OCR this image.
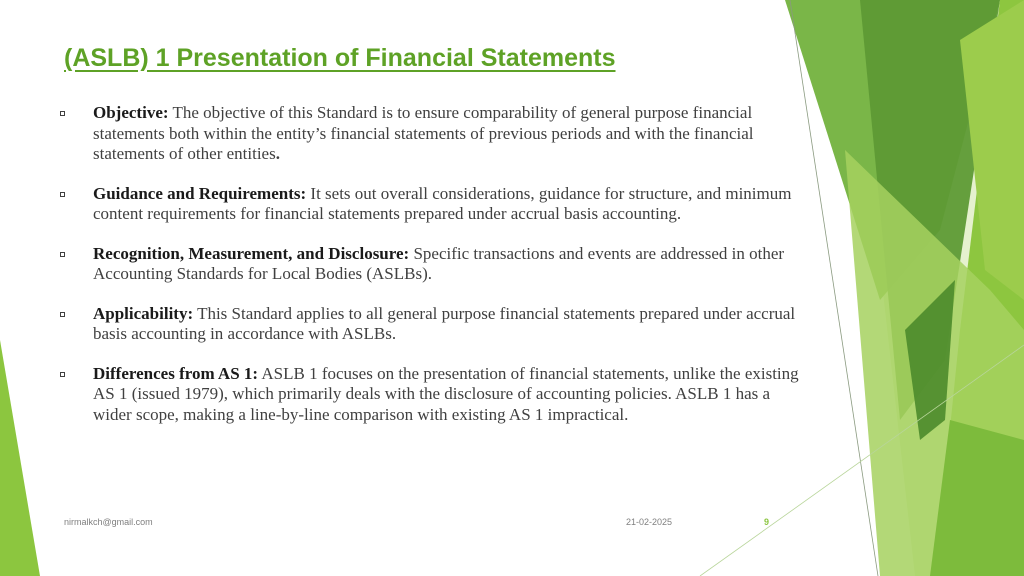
(ASLB) 1 Presentation of Financial Statements
Objective: The objective of this Standard is to ensure comparability of general purpose financial statements both within the entity’s financial statements of previous periods and with the financial statements of other entities.
Guidance and Requirements: It sets out overall considerations, guidance for structure, and minimum content requirements for financial statements prepared under accrual basis accounting.
Recognition, Measurement, and Disclosure: Specific transactions and events are addressed in other Accounting Standards for Local Bodies (ASLBs).
Applicability: This Standard applies to all general purpose financial statements prepared under accrual basis accounting in accordance with ASLBs.
Differences from AS 1: ASLB 1 focuses on the presentation of financial statements, unlike the existing AS 1 (issued 1979), which primarily deals with the disclosure of accounting policies. ASLB 1 has a wider scope, making a line-by-line comparison with existing AS 1 impractical.
nirmalkch@gmail.com	21-02-2025	9
